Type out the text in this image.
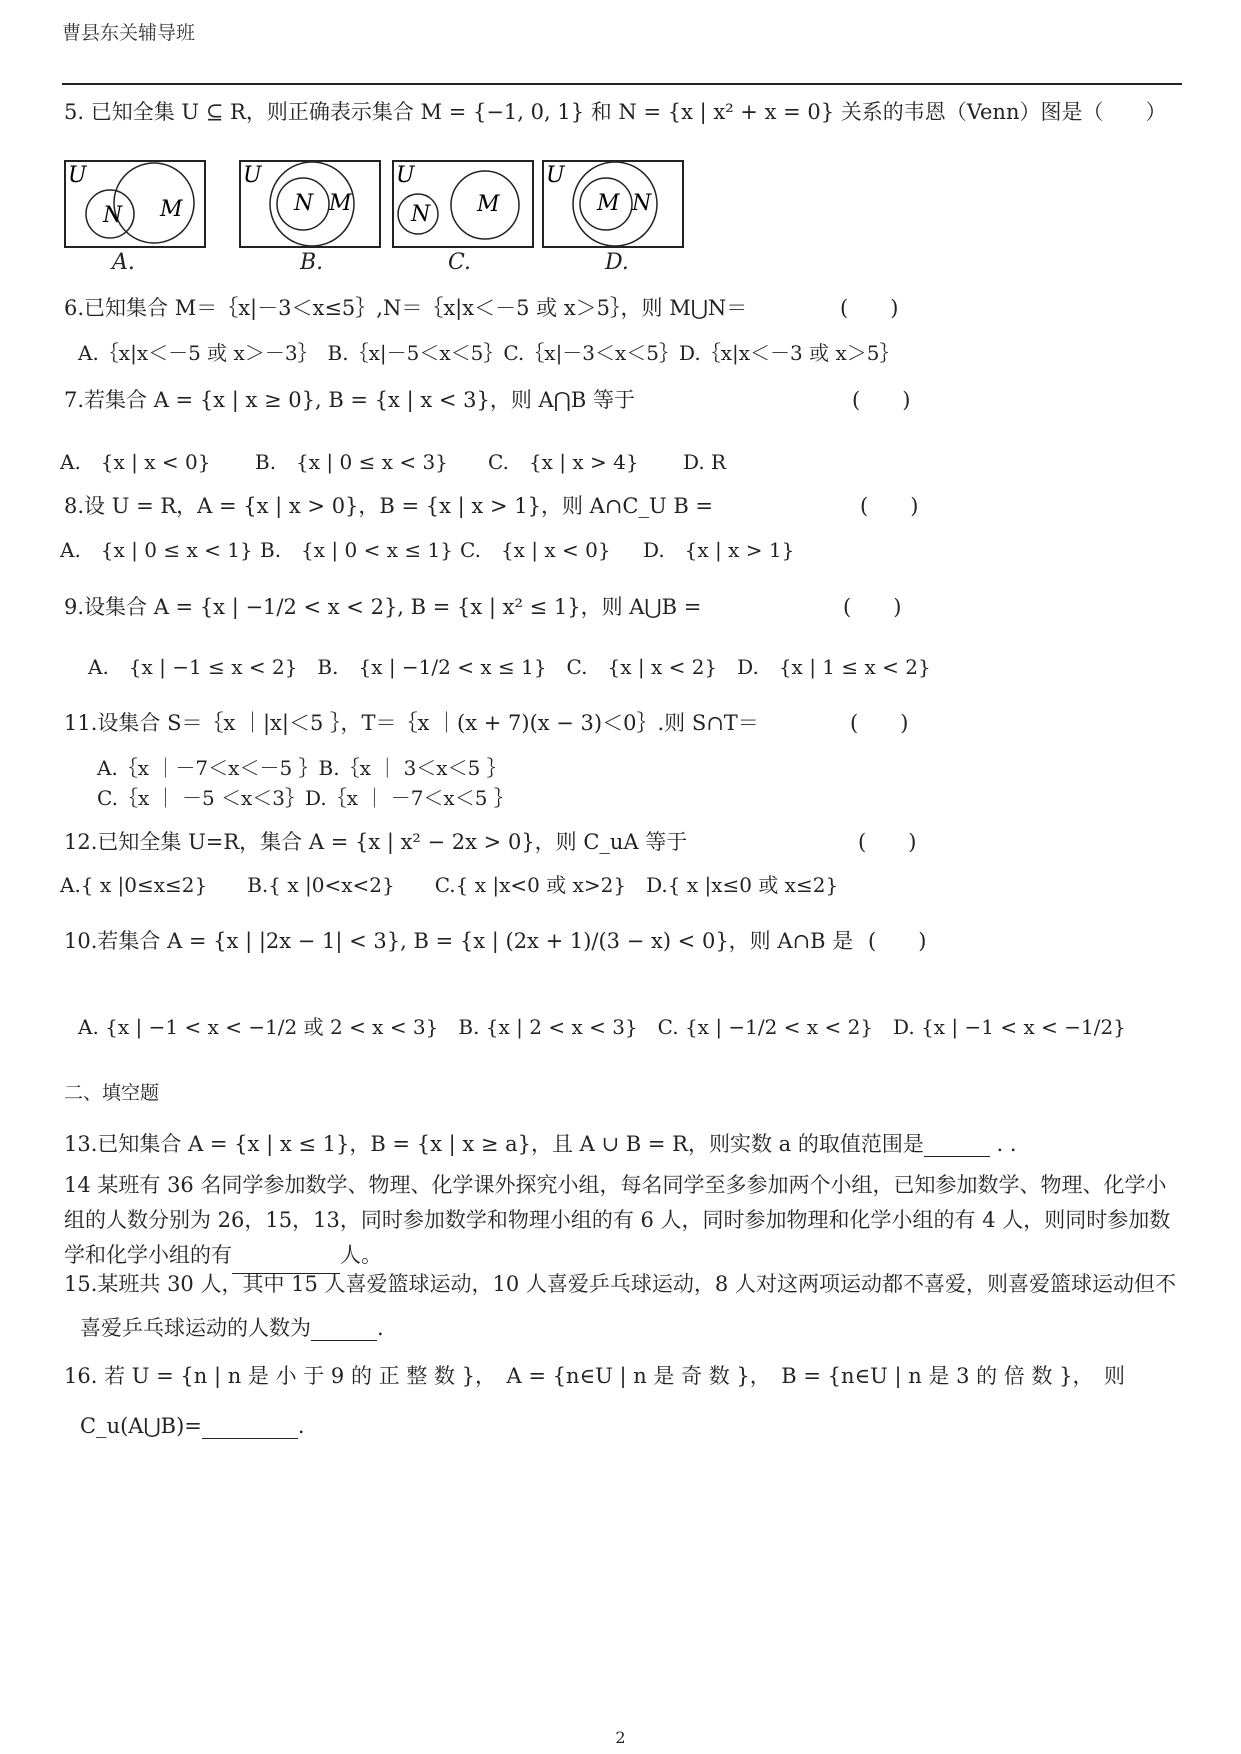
曹县东关辅导班
5. 已知全集 U ⊆ R，则正确表示集合 M = {−1, 0, 1} 和 N = {x | x² + x = 0} 关系的韦恩（Venn）图是（　　）
U
N M
A.
U
N M
B.
U
N M
C.
U
M N
D.
6.已知集合 M＝｛x|－3＜x≤5｝,N＝｛x|x＜－5 或 x＞5｝，则 M⋃N＝	(　　)
A.｛x|x＜－5 或 x＞－3｝　B.｛x|－5＜x＜5｝C.｛x|－3＜x＜5｝D.｛x|x＜－3 或 x＞5｝
7.若集合 A = {x | x ≥ 0}, B = {x | x < 3}，则 A⋂B 等于	(　　)
A.　{x | x < 0} B.　{x | 0 ≤ x < 3} C.　{x | x > 4} D. R
8.设 U = R，A = {x | x > 0}，B = {x | x > 1}，则 A∩C_U B =	(　　)
A.　{x | 0 ≤ x < 1} B.　{x | 0 < x ≤ 1} C.　{x | x < 0} D.　{x | x > 1}
9.设集合 A = {x | −1/2 < x < 2}, B = {x | x² ≤ 1}，则 A⋃B =	(　　)
A.　{x | −1 ≤ x < 2}　B.　{x | −1/2 < x ≤ 1}　C.　{x | x < 2}　D.　{x | 1 ≤ x < 2}
11.设集合 S＝｛x ｜|x|＜5 ｝，T＝｛x ｜(x + 7)(x − 3)＜0｝.则 S∩T＝	(　　)
A.｛x ｜－7＜x＜－5 ｝B.｛x ｜ 3＜x＜5 ｝
C.｛x ｜ －5 ＜x＜3｝D.｛x ｜ －7＜x＜5 ｝
12.已知全集 U=R，集合 A = {x | x² − 2x > 0}，则 C_uA 等于	(　　)
A.{ x |0≤x≤2}　　B.{ x |0<x<2}　　C.{ x |x<0 或 x>2}　D.{ x |x≤0 或 x≤2}
10.若集合 A = {x | |2x − 1| < 3}, B = {x | (2x + 1)/(3 − x) < 0}，则 A∩B 是 (　　)
A. {x | −1 < x < −1/2 或 2 < x < 3}　B. {x | 2 < x < 3}　C. {x | −1/2 < x < 2}　D. {x | −1 < x < −1/2}
二、填空题
13.已知集合 A = {x | x ≤ 1}，B = {x | x ≥ a}，且 A ∪ B = R，则实数 a 的取值范围是	. .
14 某班有 36 名同学参加数学、物理、化学课外探究小组，每名同学至多参加两个小组，已知参加数学、物理、化学小组的人数分别为 26，15，13，同时参加数学和物理小组的有 6 人，同时参加物理和化学小组的有 4 人，则同时参加数学和化学小组的有	人。
15.某班共 30 人，其中 15 人喜爱篮球运动，10 人喜爱乒乓球运动，8 人对这两项运动都不喜爱，则喜爱篮球运动但不
喜爱乒乓球运动的人数为	.
16. 若 U = {n | n 是 小 于 9 的 正 整 数 }，　A = {n∈U | n 是 奇 数 }，　B = {n∈U | n 是 3 的 倍 数 }，　则
C_u(A⋃B)=	.
2
